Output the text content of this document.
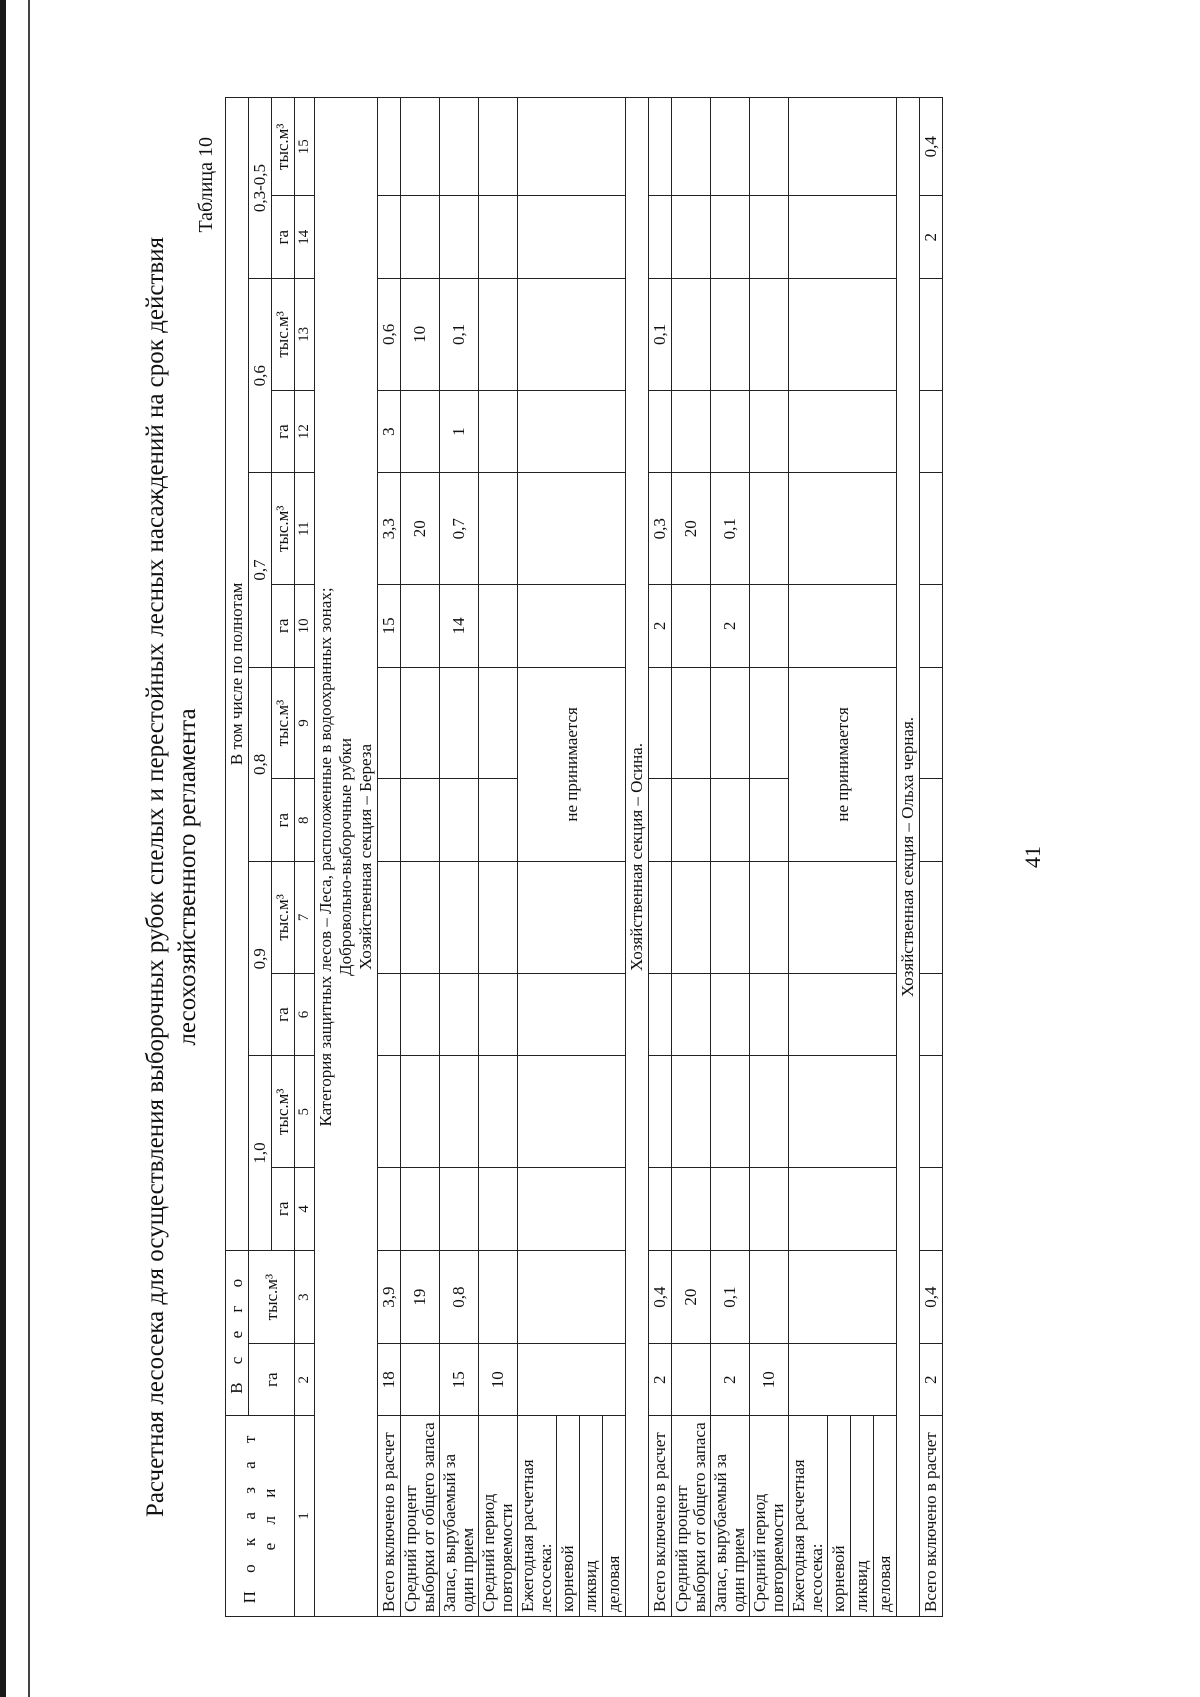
Расчетная лесосека для осуществления выборочных рубок спелых и перестойных лесных насаждений на срок действия лесохозяйственного регламента
Таблица 10
П о к а з а т е л и	В с е г о		В том числе по полнотам											
	га	тыс.м³	1,0		0,9		0,8		0,7		0,6		0,3-0,5	
			га	тыс.м³	га	тыс.м³	га	тыс.м³	га	тыс.м³	га	тыс.м³	га	тыс.м³
1	2	3	4	5	6	7	8	9	10	11	12	13	14	15

Категория защитных лесов – Леса, расположенные в водоохранных зонах; Добровольно-выборочные рубки Хозяйственная секция – Береза														

Всего включено в расчет	18	3,9							15	3,3	3	0,6		
Средний процент выборки от общего запаса		19								20		10		
Запас, вырубаемый за один прием	15	0,8							14	0,7	1	0,1		
Средний период повторяемости	10													
Ежегодная расчетная лесосека:							не принимается							
корневой														
ликвид														
деловая														
Хозяйственная секция – Осина.														
Всего включено в расчет	2	0,4							2	0,3		0,1		
Средний процент выборки от общего запаса		20								20				
Запас, вырубаемый за один прием	2	0,1							2	0,1				
Средний период повторяемости	10													
Ежегодная расчетная лесосека:							не принимается							
корневой														
ликвид														
деловая														
Хозяйственная секция – Ольха черная.														
Всего включено в расчет	2	0,4											2	0,4
41
